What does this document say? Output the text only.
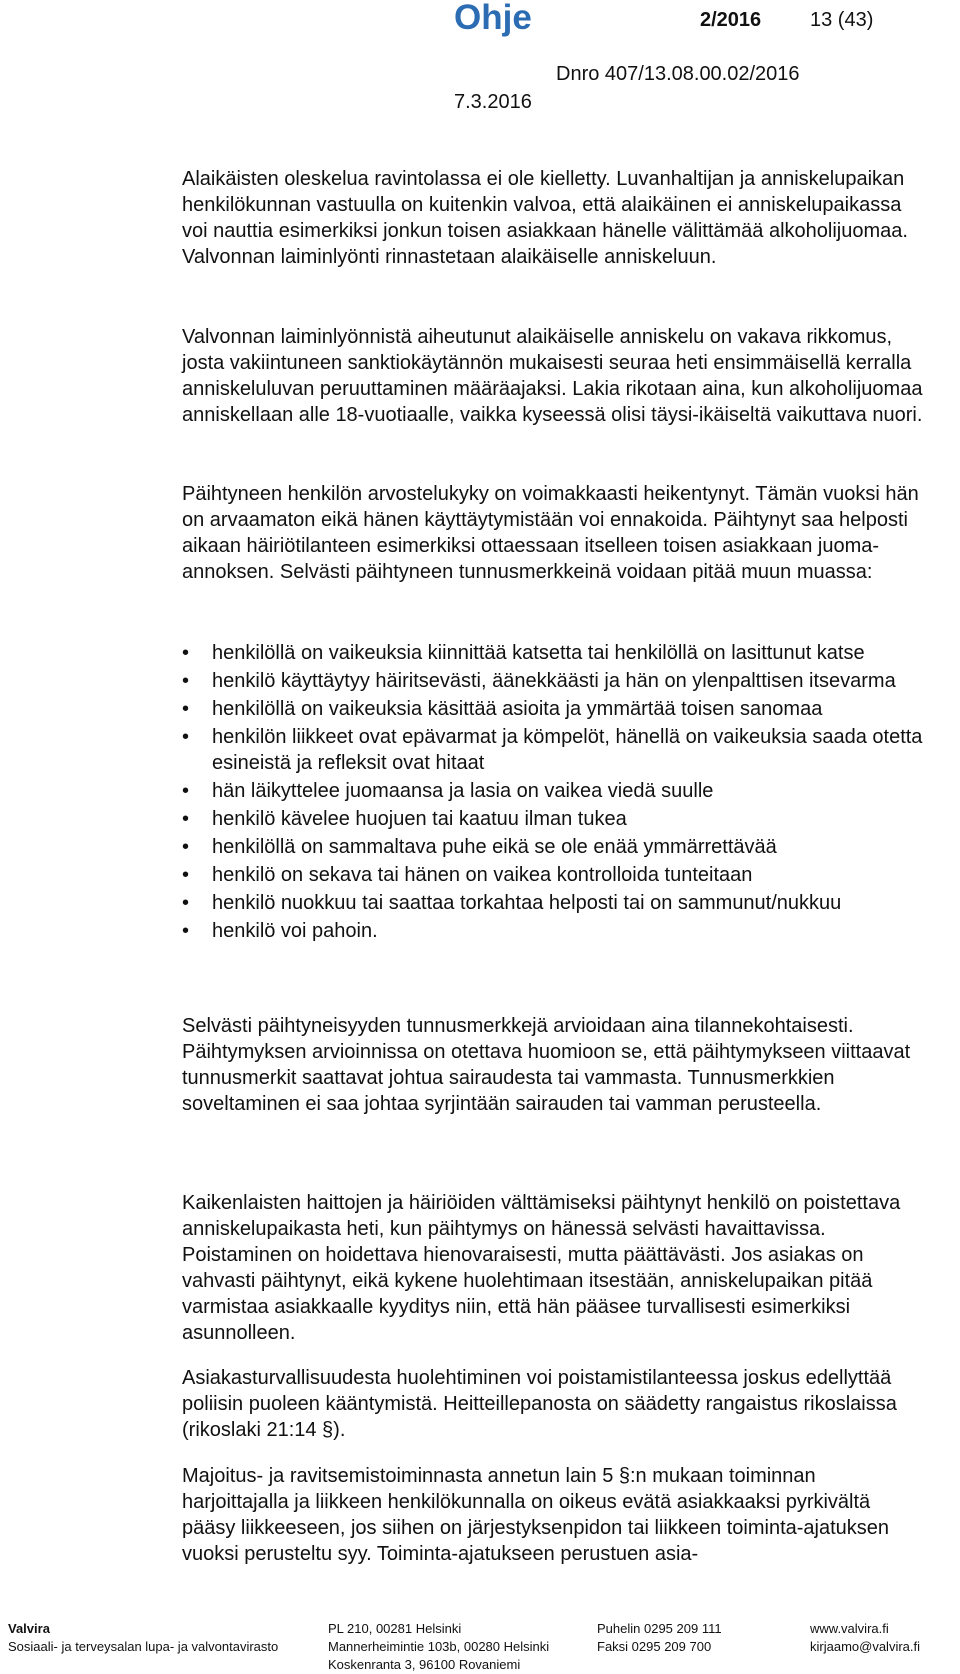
Ohje	2/2016 13 (43)
Dnro 407/13.08.00.02/2016
7.3.2016

Alaikäisten oleskelua ravintolassa ei ole kielletty. Luvanhaltijan ja anniskelupaikan henkilökunnan vastuulla on kuitenkin valvoa, että alaikäinen ei anniskelupaikassa voi nauttia esimerkiksi jonkun toisen asiakkaan hänelle välittämää alkoholijuomaa. Valvonnan laiminlyönti rinnastetaan alaikäiselle anniskeluun.

Valvonnan laiminlyönnistä aiheutunut alaikäiselle anniskelu on vakava rikkomus, josta vakiintuneen sanktiokäytännön mukaisesti seuraa heti ensimmäisellä kerralla anniskeluluvan peruuttaminen määräajaksi. Lakia rikotaan aina, kun alkoholijuomaa anniskellaan alle 18-vuotiaalle, vaikka kyseessä olisi täysi-ikäiseltä vaikuttava nuori.

Päihtyneen henkilön arvostelukyky on voimakkaasti heikentynyt. Tämän vuoksi hän on arvaamaton eikä hänen käyttäytymistään voi ennakoida. Päihtynyt saa helposti aikaan häiriötilanteen esimerkiksi ottaessaan itselleen toisen asiakkaan juoma-annoksen. Selvästi päihtyneen tunnusmerkkeinä voidaan pitää muun muassa:

• henkilöllä on vaikeuksia kiinnittää katsetta tai henkilöllä on lasittunut katse
• henkilö käyttäytyy häiritsevästi, äänekkäästi ja hän on ylenpalttisen itsevarma
• henkilöllä on vaikeuksia käsittää asioita ja ymmärtää toisen sanomaa
• henkilön liikkeet ovat epävarmat ja kömpelöt, hänellä on vaikeuksia saada otetta esineistä ja refleksit ovat hitaat
• hän läikyttelee juomaansa ja lasia on vaikea viedä suulle
• henkilö kävelee huojuen tai kaatuu ilman tukea
• henkilöllä on sammaltava puhe eikä se ole enää ymmärrettävää
• henkilö on sekava tai hänen on vaikea kontrolloida tunteitaan
• henkilö nuokkuu tai saattaa torkahtaa helposti tai on sammunut/nukkuu
• henkilö voi pahoin.

Selvästi päihtyneisyyden tunnusmerkkejä arvioidaan aina tilannekohtaisesti. Päihtymyksen arvioinnissa on otettava huomioon se, että päihtymykseen viittaavat tunnusmerkit saattavat johtua sairaudesta tai vammasta. Tunnusmerkkien soveltaminen ei saa johtaa syrjintään sairauden tai vamman perusteella.

Kaikenlaisten haittojen ja häiriöiden välttämiseksi päihtynyt henkilö on poistettava anniskelupaikasta heti, kun päihtymys on hänessä selvästi havaittavissa. Poistaminen on hoidettava hienovaraisesti, mutta päättävästi. Jos asiakas on vahvasti päihtynyt, eikä kykene huolehtimaan itsestään, anniskelupaikan pitää varmistaa asiakkaalle kyyditys niin, että hän pääsee turvallisesti esimerkiksi asunnolleen.

Asiakasturvallisuudesta huolehtiminen voi poistamistilanteessa joskus edellyttää poliisin puoleen kääntymistä. Heitteillepanosta on säädetty rangaistus rikoslaissa (rikoslaki 21:14 §).

Majoitus- ja ravitsemistoiminnasta annetun lain 5 §:n mukaan toiminnan harjoittajalla ja liikkeen henkilökunnalla on oikeus evätä asiakkaaksi pyrkivältä pääsy liikkeeseen, jos siihen on järjestyksenpidon tai liikkeen toiminta-ajatuksen vuoksi perusteltu syy. Toiminta-ajatukseen perustuen asia-

Valvira
Sosiaali- ja terveysalan lupa- ja valvontavirasto
PL 210, 00281 Helsinki
Mannerheimintie 103b, 00280 Helsinki
Koskenranta 3, 96100 Rovaniemi
Puhelin 0295 209 111
Faksi 0295 209 700
www.valvira.fi
kirjaamo@valvira.fi
